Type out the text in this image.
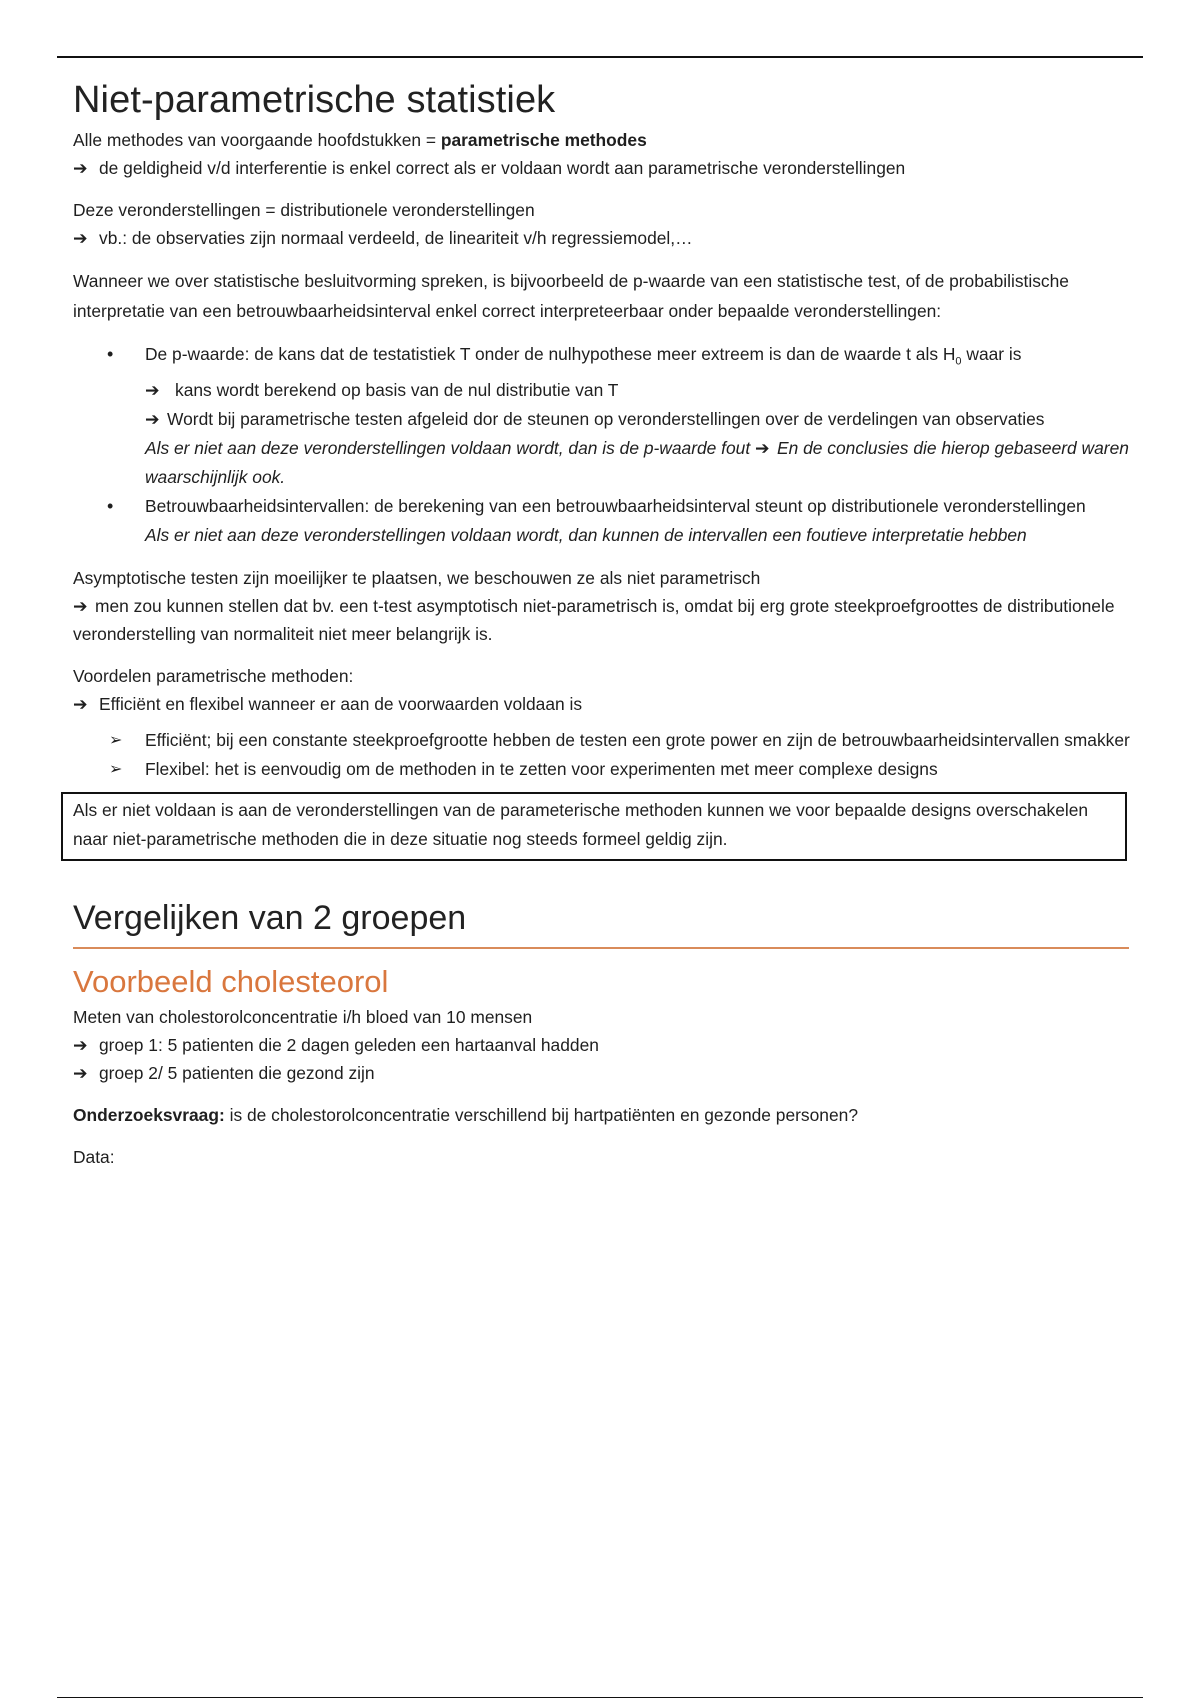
Niet-parametrische statistiek

Alle methodes van voorgaande hoofdstukken = parametrische methodes

➔ de geldigheid v/d interferentie is enkel correct als er voldaan wordt aan parametrische veronderstellingen

Deze veronderstellingen = distributionele veronderstellingen

➔ vb.: de observaties zijn normaal verdeeld, de lineariteit v/h regressiemodel,…

Wanneer we over statistische besluitvorming spreken, is bijvoorbeeld de p-waarde van een statistische test, of de probabilistische interpretatie van een betrouwbaarheidsinterval enkel correct interpreteerbaar onder bepaalde veronderstellingen:

• De p-waarde: de kans dat de testatistiek T onder de nulhypothese meer extreem is dan de waarde t als $H_0$ waar is
➔ kans wordt berekend op basis van de nul distributie van T
➔ Wordt bij parametrische testen afgeleid dor de steunen op veronderstellingen over de verdelingen van observaties
Als er niet aan deze veronderstellingen voldaan wordt, dan is de p-waarde fout ➔ En de conclusies die hierop gebaseerd waren waarschijnlijk ook.
• Betrouwbaarheidsintervallen: de berekening van een betrouwbaarheidsinterval steunt op distributionele veronderstellingen
Als er niet aan deze veronderstellingen voldaan wordt, dan kunnen de intervallen een foutieve interpretatie hebben

Asymptotische testen zijn moeilijker te plaatsen, we beschouwen ze als niet parametrisch

➔ men zou kunnen stellen dat bv. een t-test asymptotisch niet-parametrisch is, omdat bij erg grote steekproefgroottes de distributionele veronderstelling van normaliteit niet meer belangrijk is.

Voordelen parametrische methoden:

➔ Efficiënt en flexibel wanneer er aan de voorwaarden voldaan is

➢ Efficiënt; bij een constante steekproefgrootte hebben de testen een grote power en zijn de betrouwbaarheidsintervallen smakker
➢ Flexibel: het is eenvoudig om de methoden in te zetten voor experimenten met meer complexe designs
Als er niet voldaan is aan de veronderstellingen van de parameterische methoden kunnen we voor bepaalde designs overschakelen naar niet-parametrische methoden die in deze situatie nog steeds formeel geldig zijn.
Vergelijken van 2 groepen
Voorbeeld cholesteorol

Meten van cholestorolconcentratie i/h bloed van 10 mensen

➔ groep 1: 5 patienten die 2 dagen geleden een hartaanval hadden

➔ groep 2/ 5 patienten die gezond zijn

Onderzoeksvraag: is de cholestorolconcentratie verschillend bij hartpatiënten en gezonde personen?

Data:
